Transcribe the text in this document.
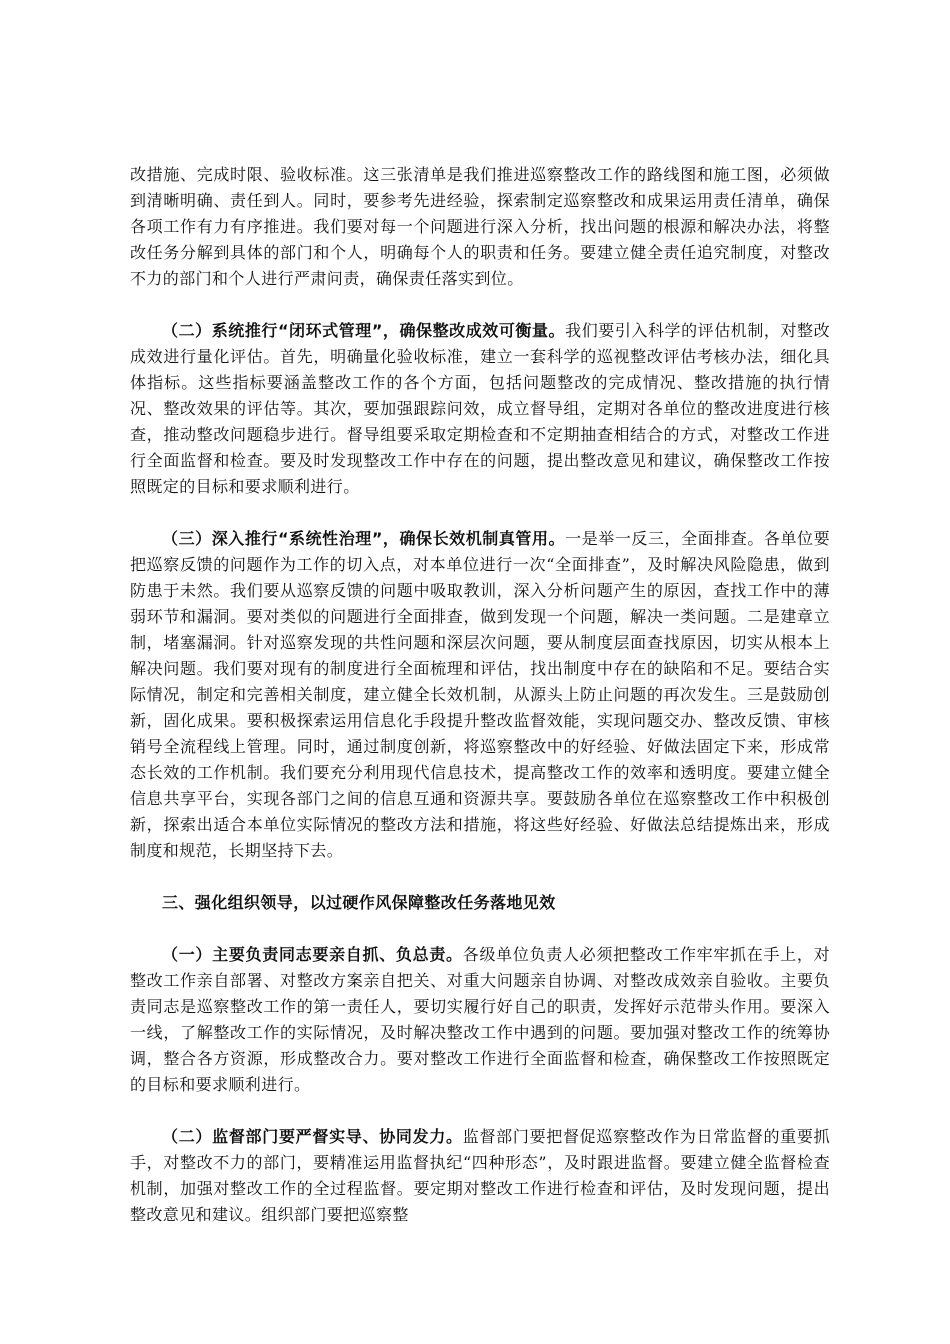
改措施、完成时限、验收标准。这三张清单是我们推进巡察整改工作的路线图和施工图，必须做到清晰明确、责任到人。同时，要参考先进经验，探索制定巡察整改和成果运用责任清单，确保各项工作有力有序推进。我们要对每一个问题进行深入分析，找出问题的根源和解决办法，将整改任务分解到具体的部门和个人，明确每个人的职责和任务。要建立健全责任追究制度，对整改不力的部门和个人进行严肃问责，确保责任落实到位。

（二）系统推行“闭环式管理”，确保整改成效可衡量。我们要引入科学的评估机制，对整改成效进行量化评估。首先，明确量化验收标准，建立一套科学的巡视整改评估考核办法，细化具体指标。这些指标要涵盖整改工作的各个方面，包括问题整改的完成情况、整改措施的执行情况、整改效果的评估等。其次，要加强跟踪问效，成立督导组，定期对各单位的整改进度进行核查，推动整改问题稳步进行。督导组要采取定期检查和不定期抽查相结合的方式，对整改工作进行全面监督和检查。要及时发现整改工作中存在的问题，提出整改意见和建议，确保整改工作按照既定的目标和要求顺利进行。

（三）深入推行“系统性治理”，确保长效机制真管用。一是举一反三，全面排查。各单位要把巡察反馈的问题作为工作的切入点，对本单位进行一次“全面排查”，及时解决风险隐患，做到防患于未然。我们要从巡察反馈的问题中吸取教训，深入分析问题产生的原因，查找工作中的薄弱环节和漏洞。要对类似的问题进行全面排查，做到发现一个问题，解决一类问题。二是建章立制，堵塞漏洞。针对巡察发现的共性问题和深层次问题，要从制度层面查找原因，切实从根本上解决问题。我们要对现有的制度进行全面梳理和评估，找出制度中存在的缺陷和不足。要结合实际情况，制定和完善相关制度，建立健全长效机制，从源头上防止问题的再次发生。三是鼓励创新，固化成果。要积极探索运用信息化手段提升整改监督效能，实现问题交办、整改反馈、审核销号全流程线上管理。同时，通过制度创新，将巡察整改中的好经验、好做法固定下来，形成常态长效的工作机制。我们要充分利用现代信息技术，提高整改工作的效率和透明度。要建立健全信息共享平台，实现各部门之间的信息互通和资源共享。要鼓励各单位在巡察整改工作中积极创新，探索出适合本单位实际情况的整改方法和措施，将这些好经验、好做法总结提炼出来，形成制度和规范，长期坚持下去。

三、强化组织领导，以过硬作风保障整改任务落地见效

（一）主要负责同志要亲自抓、负总责。各级单位负责人必须把整改工作牢牢抓在手上，对整改工作亲自部署、对整改方案亲自把关、对重大问题亲自协调、对整改成效亲自验收。主要负责同志是巡察整改工作的第一责任人，要切实履行好自己的职责，发挥好示范带头作用。要深入一线，了解整改工作的实际情况，及时解决整改工作中遇到的问题。要加强对整改工作的统筹协调，整合各方资源，形成整改合力。要对整改工作进行全面监督和检查，确保整改工作按照既定的目标和要求顺利进行。

（二）监督部门要严督实导、协同发力。监督部门要把督促巡察整改作为日常监督的重要抓手，对整改不力的部门，要精准运用监督执纪“四种形态”，及时跟进监督。要建立健全监督检查机制，加强对整改工作的全过程监督。要定期对整改工作进行检查和评估，及时发现问题，提出整改意见和建议。组织部门要把巡察整
